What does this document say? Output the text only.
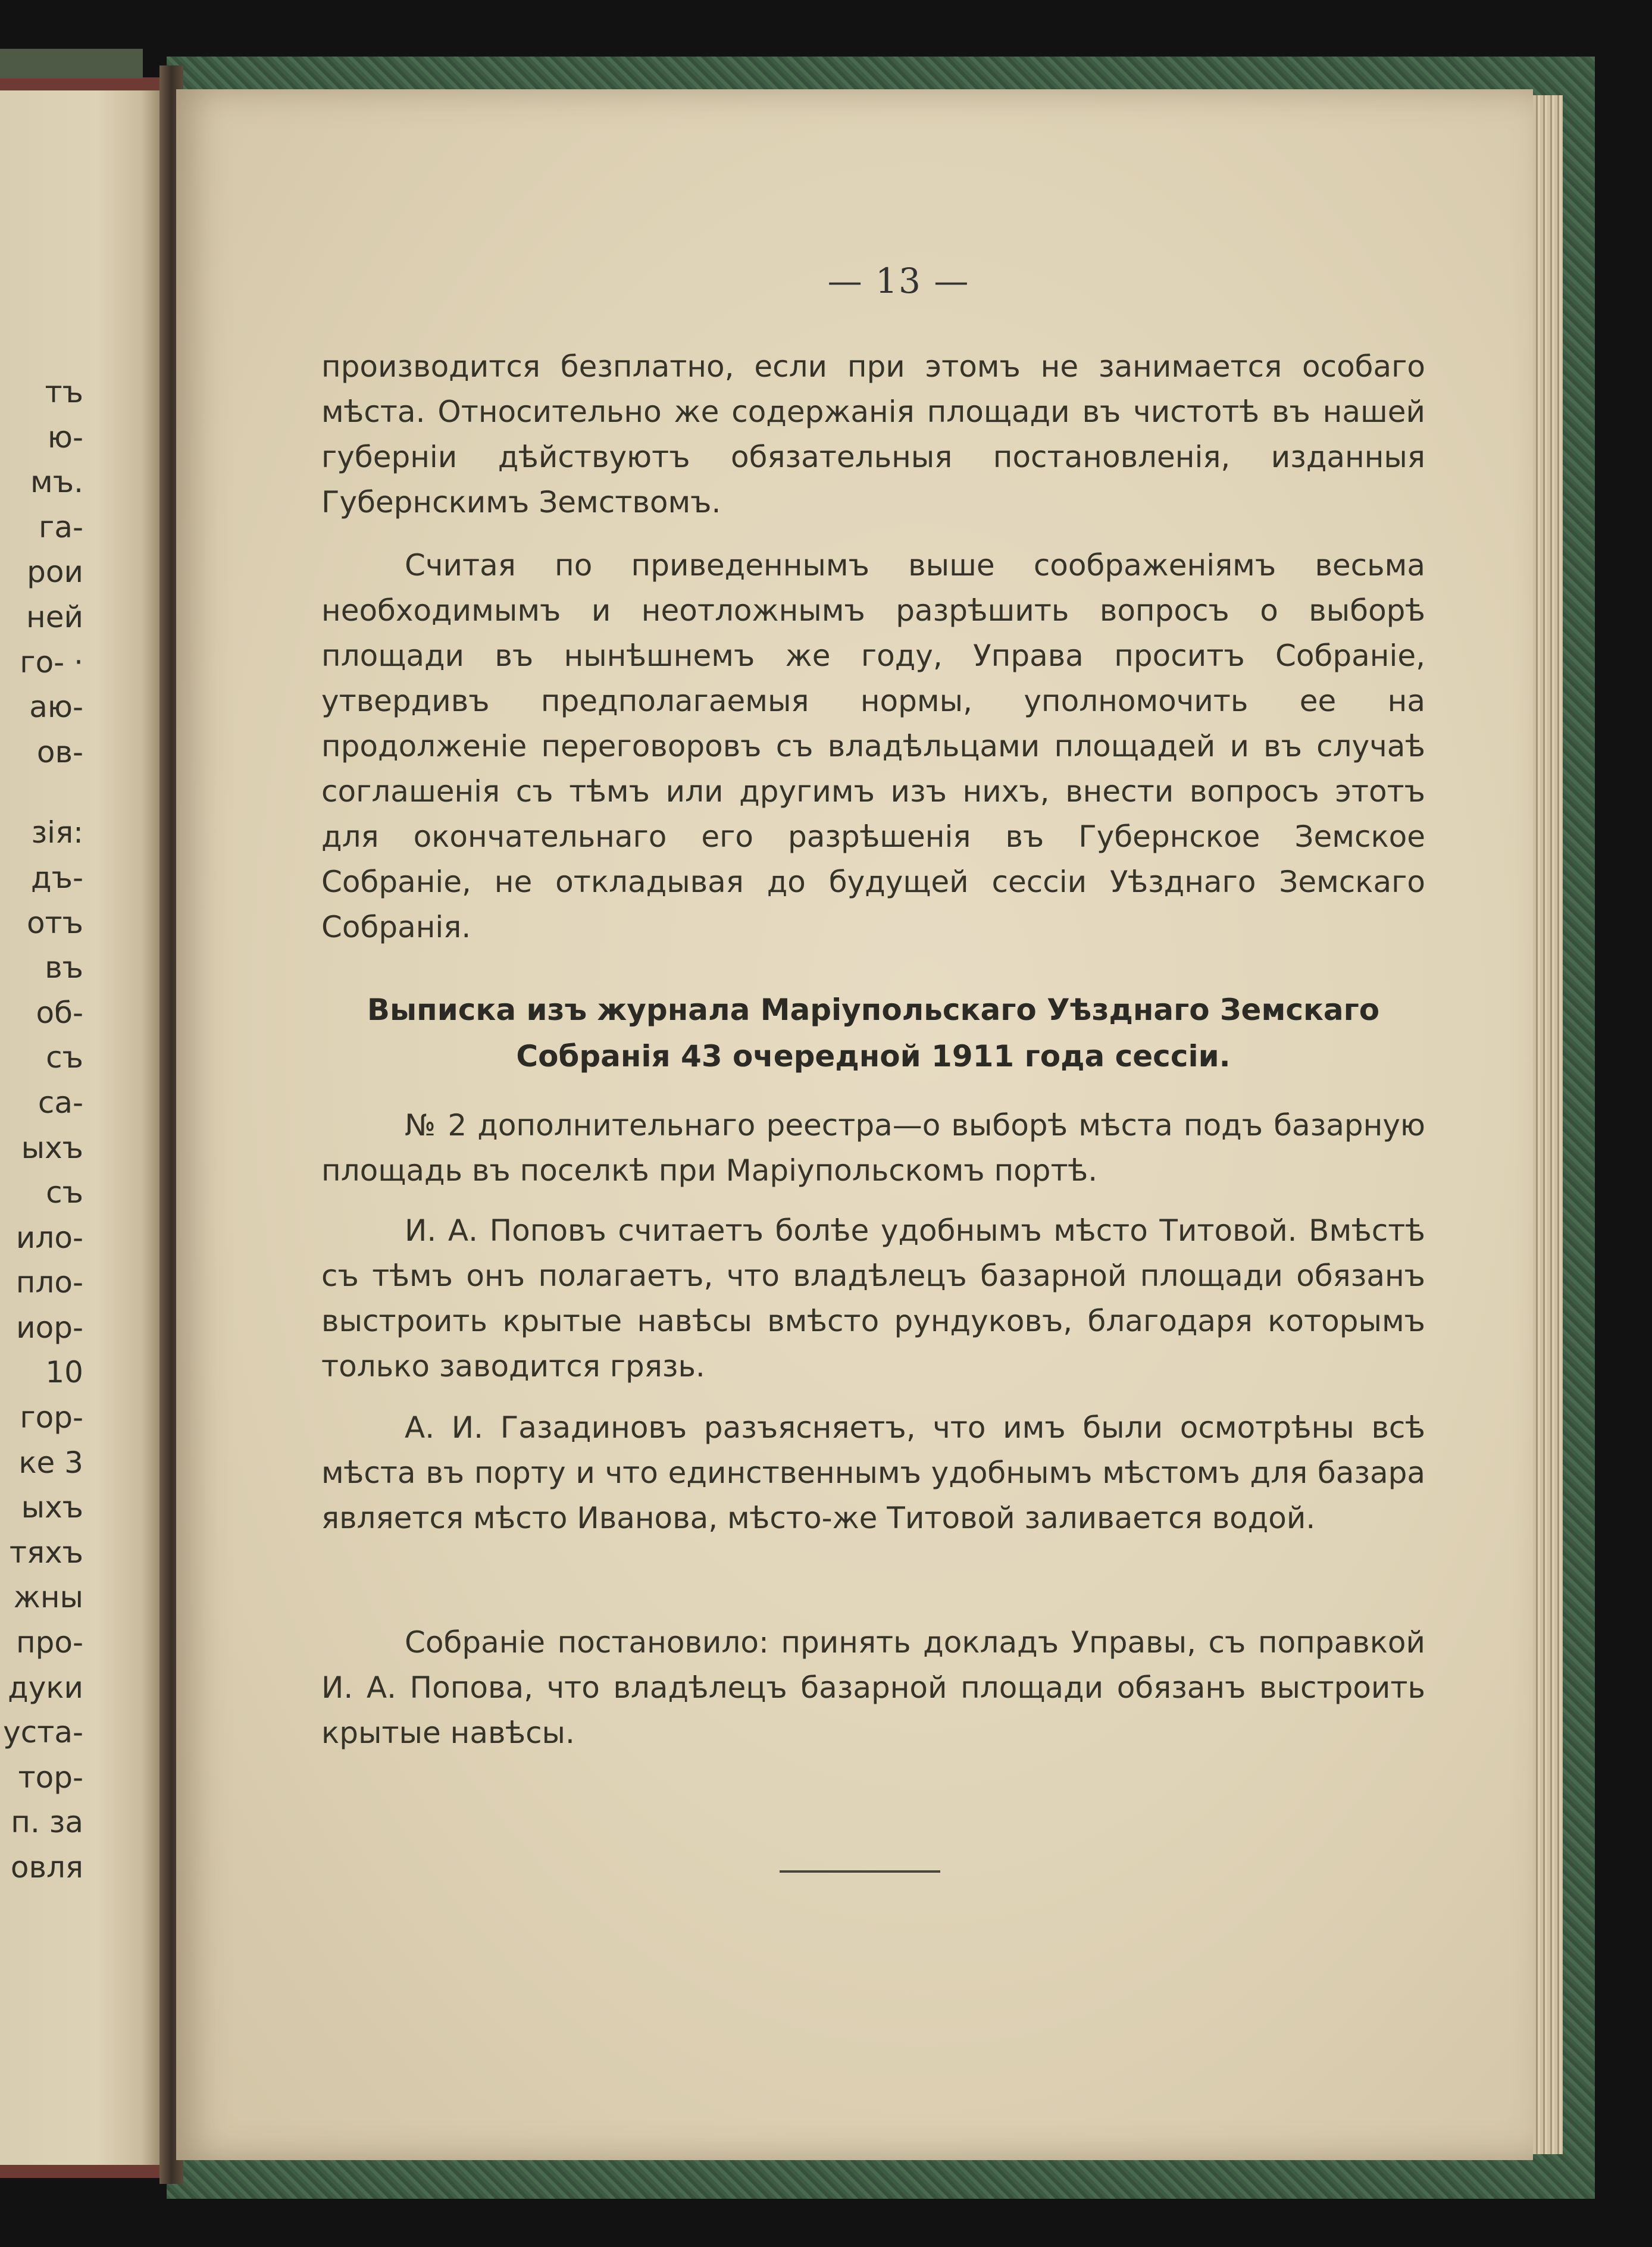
тъ
ю-
мъ.
га-
рои
ней
го- ·
аю-
ов-
зія:
дъ-
отъ
въ
об-
съ
са-
ыхъ
съ
ило-
пло-
иор-
10
гор-
ке 3
ыхъ
тяхъ
жны
про-
дуки
уста-
тор-
п. за
овля
— 13 —

производится безплатно, если при этомъ не занимается особаго мѣста. Относительно же содержанія площади въ чистотѣ въ нашей губерніи дѣйствуютъ обязательныя постановленія, изданныя Губернскимъ Земствомъ.

Считая по приведеннымъ выше соображеніямъ весьма необходимымъ и неотложнымъ разрѣшить вопросъ о выборѣ площади въ нынѣшнемъ же году, Управа проситъ Собраніе, утвердивъ предполагаемыя нормы, уполномочить ее на продолженіе переговоровъ съ владѣльцами площадей и въ случаѣ соглашенія съ тѣмъ или другимъ изъ нихъ, внести вопросъ этотъ для окончательнаго его разрѣшенія въ Губернское Земское Собраніе, не откладывая до будущей сессіи Уѣзднаго Земскаго Собранія.

Выписка изъ журнала Маріупольскаго Уѣзднаго Земскаго Собранія 43 очередной 1911 года сессіи.

№ 2 дополнительнаго реестра—о выборѣ мѣста подъ базарную площадь въ поселкѣ при Маріупольскомъ портѣ.

И. А. Поповъ считаетъ болѣе удобнымъ мѣсто Титовой. Вмѣстѣ съ тѣмъ онъ полагаетъ, что владѣлецъ базарной площади обязанъ выстроить крытые навѣсы вмѣсто рундуковъ, благодаря которымъ только заводится грязь.

А. И. Газадиновъ разъясняетъ, что имъ были осмотрѣны всѣ мѣста въ порту и что единственнымъ удобнымъ мѣстомъ для базара является мѣсто Иванова, мѣсто-же Титовой заливается водой.

Собраніе постановило: принять докладъ Управы, съ поправкой И. А. Попова, что владѣлецъ базарной площади обязанъ выстроить крытые навѣсы.
